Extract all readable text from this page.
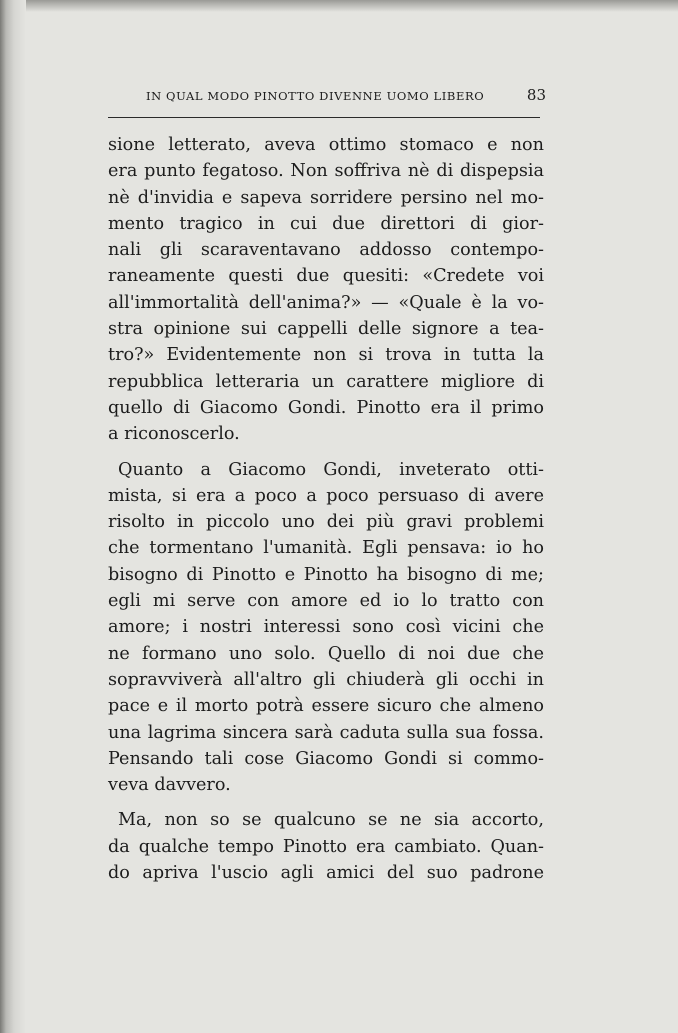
IN QUAL MODO PINOTTO DIVENNE UOMO LIBERO	83
sione letterato, aveva ottimo stomaco e non
era punto fegatoso. Non soffriva nè di dispepsia
nè d'invidia e sapeva sorridere persino nel mo-
mento tragico in cui due direttori di gior-
nali gli scaraventavano addosso contempo-
raneamente questi due quesiti: «Credete voi
all'immortalità dell'anima?» — «Quale è la vo-
stra opinione sui cappelli delle signore a tea-
tro?» Evidentemente non si trova in tutta la
repubblica letteraria un carattere migliore di
quello di Giacomo Gondi. Pinotto era il primo
a riconoscerlo.
Quanto a Giacomo Gondi, inveterato otti-
mista, si era a poco a poco persuaso di avere
risolto in piccolo uno dei più gravi problemi
che tormentano l'umanità. Egli pensava: io ho
bisogno di Pinotto e Pinotto ha bisogno di me;
egli mi serve con amore ed io lo tratto con
amore; i nostri interessi sono così vicini che
ne formano uno solo. Quello di noi due che
sopravviverà all'altro gli chiuderà gli occhi in
pace e il morto potrà essere sicuro che almeno
una lagrima sincera sarà caduta sulla sua fossa.
Pensando tali cose Giacomo Gondi si commo-
veva davvero.
Ma, non so se qualcuno se ne sia accorto,
da qualche tempo Pinotto era cambiato. Quan-
do apriva l'uscio agli amici del suo padrone
